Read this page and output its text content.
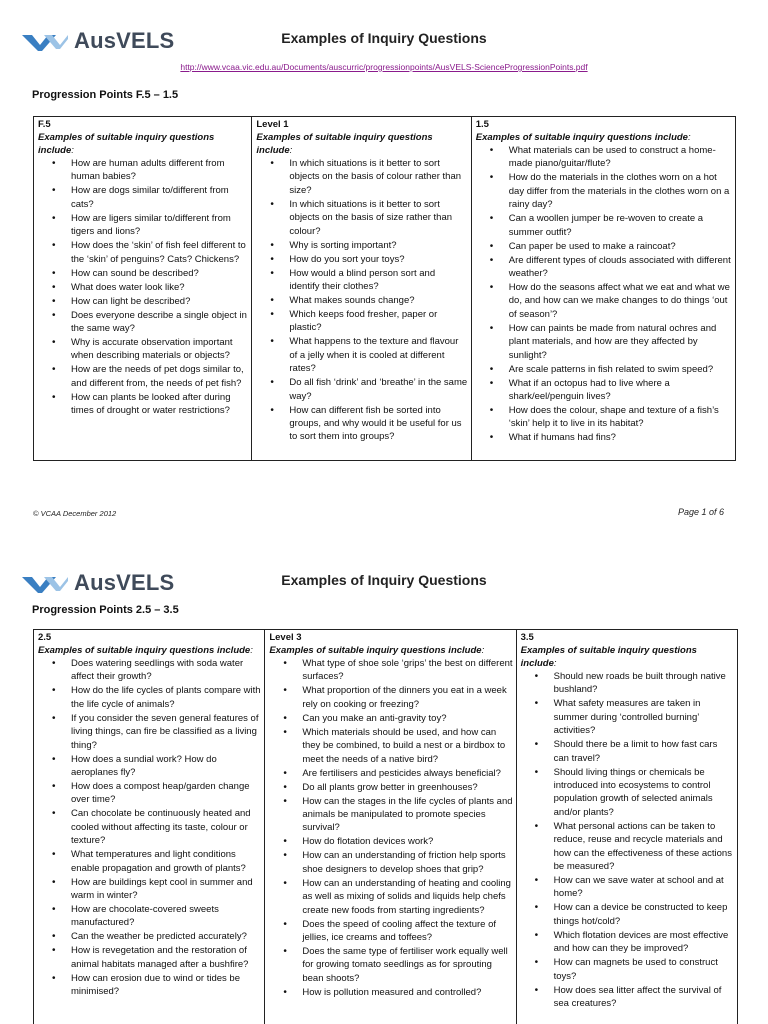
AusVELS	Examples of Inquiry Questions
http://www.vcaa.vic.edu.au/Documents/auscurric/progressionpoints/AusVELS-ScienceProgressionPoints.pdf
Progression Points F.5 – 1.5
F.5
Examples of suitable inquiry questions include:
• How are human adults different from human babies?
• How are dogs similar to/different from cats?
• How are ligers similar to/different from tigers and lions?
• How does the ‘skin’ of fish feel different to the ‘skin’ of penguins? Cats? Chickens?
• How can sound be described?
• What does water look like?
• How can light be described?
• Does everyone describe a single object in the same way?
• Why is accurate observation important when describing materials or objects?
• How are the needs of pet dogs similar to, and different from, the needs of pet fish?
• How can plants be looked after during times of drought or water restrictions?
Level 1
Examples of suitable inquiry questions include:
• In which situations is it better to sort objects on the basis of colour rather than size?
• In which situations is it better to sort objects on the basis of size rather than colour?
• Why is sorting important?
• How do you sort your toys?
• How would a blind person sort and identify their clothes?
• What makes sounds change?
• Which keeps food fresher, paper or plastic?
• What happens to the texture and flavour of a jelly when it is cooled at different rates?
• Do all fish ‘drink’ and ‘breathe’ in the same way?
• How can different fish be sorted into groups, and why would it be useful for us to sort them into groups?
1.5
Examples of suitable inquiry questions include:
• What materials can be used to construct a home-made piano/guitar/flute?
• How do the materials in the clothes worn on a hot day differ from the materials in the clothes worn on a rainy day?
• Can a woollen jumper be re-woven to create a summer outfit?
• Can paper be used to make a raincoat?
• Are different types of clouds associated with different weather?
• How do the seasons affect what we eat and what we do, and how can we make changes to do things ‘out of season’?
• How can paints be made from natural ochres and plant materials, and how are they affected by sunlight?
• Are scale patterns in fish related to swim speed?
• What if an octopus had to live where a shark/eel/penguin lives?
• How does the colour, shape and texture of a fish’s ‘skin’ help it to live in its habitat?
• What if humans had fins?
© VCAA December 2012	Page 1 of 6
AusVELS	Examples of Inquiry Questions
Progression Points 2.5 – 3.5
2.5
Examples of suitable inquiry questions include:
• Does watering seedlings with soda water affect their growth?
• How do the life cycles of plants compare with the life cycle of animals?
• If you consider the seven general features of living things, can fire be classified as a living thing?
• How does a sundial work? How do aeroplanes fly?
• How does a compost heap/garden change over time?
• Can chocolate be continuously heated and cooled without affecting its taste, colour or texture?
• What temperatures and light conditions enable propagation and growth of plants?
• How are buildings kept cool in summer and warm in winter?
• How are chocolate-covered sweets manufactured?
• Can the weather be predicted accurately?
• How is revegetation and the restoration of animal habitats managed after a bushfire?
• How can erosion due to wind or tides be minimised?
Level 3
Examples of suitable inquiry questions include:
• What type of shoe sole ‘grips’ the best on different surfaces?
• What proportion of the dinners you eat in a week rely on cooking or freezing?
• Can you make an anti-gravity toy?
• Which materials should be used, and how can they be combined, to build a nest or a birdbox to meet the needs of a native bird?
• Are fertilisers and pesticides always beneficial?
• Do all plants grow better in greenhouses?
• How can the stages in the life cycles of plants and animals be manipulated to promote species survival?
• How do flotation devices work?
• How can an understanding of friction help sports shoe designers to develop shoes that grip?
• How can an understanding of heating and cooling as well as mixing of solids and liquids help chefs create new foods from starting ingredients?
• Does the speed of cooling affect the texture of jellies, ice creams and toffees?
• Does the same type of fertiliser work equally well for growing tomato seedlings as for sprouting bean shoots?
• How is pollution measured and controlled?
3.5
Examples of suitable inquiry questions include:
• Should new roads be built through native bushland?
• What safety measures are taken in summer during ‘controlled burning’ activities?
• Should there be a limit to how fast cars can travel?
• Should living things or chemicals be introduced into ecosystems to control population growth of selected animals and/or plants?
• What personal actions can be taken to reduce, reuse and recycle materials and how can the effectiveness of these actions be measured?
• How can we save water at school and at home?
• How can a device be constructed to keep things hot/cold?
• Which flotation devices are most effective and how can they be improved?
• How can magnets be used to construct toys?
• How does sea litter affect the survival of sea creatures?
